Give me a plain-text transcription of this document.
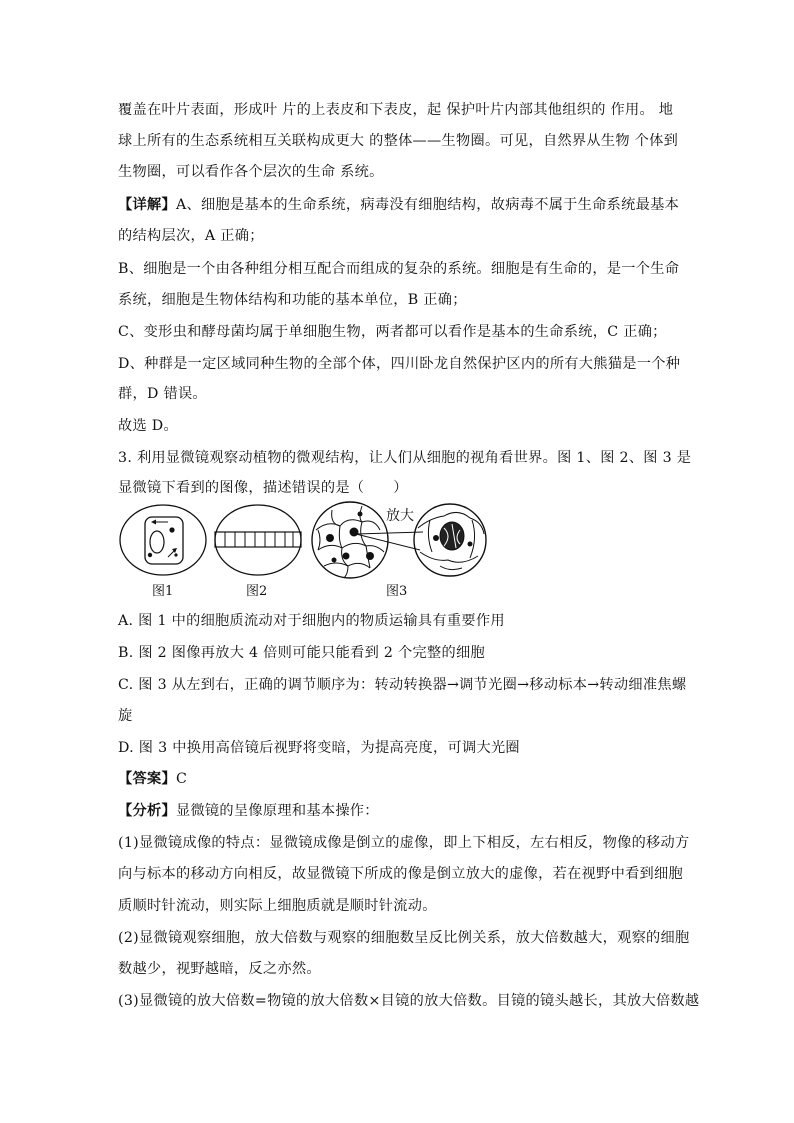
覆盖在叶片表面，形成叶 片的上表皮和下表皮，起 保护叶片内部其他组织的 作用。 地
球上所有的生态系统相互关联构成更大 的整体——生物圈。可见，自然界从生物 个体到
生物圈，可以看作各个层次的生命 系统。
【详解】A、细胞是基本的生命系统，病毒没有细胞结构，故病毒不属于生命系统最基本
的结构层次，A 正确；
B、细胞是一个由各种组分相互配合而组成的复杂的系统。细胞是有生命的，是一个生命
系统，细胞是生物体结构和功能的基本单位，B 正确；
C、变形虫和酵母菌均属于单细胞生物，两者都可以看作是基本的生命系统，C 正确；
D、种群是一定区域同种生物的全部个体，四川卧龙自然保护区内的所有大熊猫是一个种
群，D 错误。
故选 D。
3. 利用显微镜观察动植物的微观结构，让人们从细胞的视角看世界。图 1、图 2、图 3 是
显微镜下看到的图像，描述错误的是（　　）
放大
图1	图2	图3
A. 图 1 中的细胞质流动对于细胞内的物质运输具有重要作用
B. 图 2 图像再放大 4 倍则可能只能看到 2 个完整的细胞
C. 图 3 从左到右，正确的调节顺序为：转动转换器→调节光圈→移动标本→转动细准焦螺
旋
D. 图 3 中换用高倍镜后视野将变暗，为提高亮度，可调大光圈
【答案】C
【分析】显微镜的呈像原理和基本操作：
(1)显微镜成像的特点：显微镜成像是倒立的虚像，即上下相反，左右相反，物像的移动方
向与标本的移动方向相反，故显微镜下所成的像是倒立放大的虚像，若在视野中看到细胞
质顺时针流动，则实际上细胞质就是顺时针流动。
(2)显微镜观察细胞，放大倍数与观察的细胞数呈反比例关系，放大倍数越大，观察的细胞
数越少，视野越暗，反之亦然。
(3)显微镜的放大倍数=物镜的放大倍数×目镜的放大倍数。目镜的镜头越长，其放大倍数越
